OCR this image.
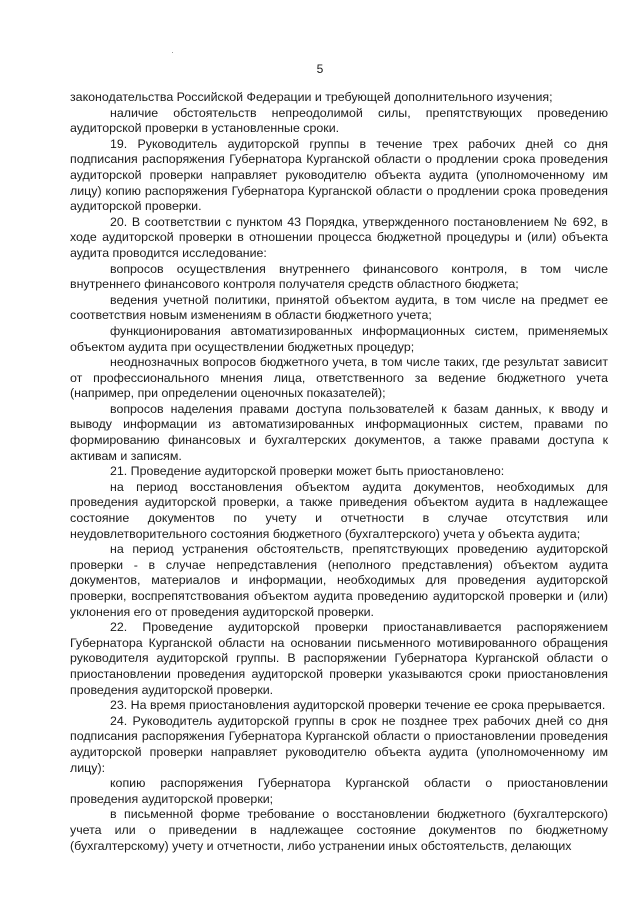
5

законодательства Российской Федерации и требующей дополнительного изучения;

наличие обстоятельств непреодолимой силы, препятствующих проведению аудиторской проверки в установленные сроки.

19. Руководитель аудиторской группы в течение трех рабочих дней со дня подписания распоряжения Губернатора Курганской области о продлении срока проведения аудиторской проверки направляет руководителю объекта аудита (уполномоченному им лицу) копию распоряжения Губернатора Курганской области о продлении срока проведения аудиторской проверки.

20. В соответствии с пунктом 43 Порядка, утвержденного постановлением № 692, в ходе аудиторской проверки в отношении процесса бюджетной процедуры и (или) объекта аудита проводится исследование:

вопросов осуществления внутреннего финансового контроля, в том числе внутреннего финансового контроля получателя средств областного бюджета;

ведения учетной политики, принятой объектом аудита, в том числе на предмет ее соответствия новым изменениям в области бюджетного учета;

функционирования автоматизированных информационных систем, применяемых объектом аудита при осуществлении бюджетных процедур;

неоднозначных вопросов бюджетного учета, в том числе таких, где результат зависит от профессионального мнения лица, ответственного за ведение бюджетного учета (например, при определении оценочных показателей);

вопросов наделения правами доступа пользователей к базам данных, к вводу и выводу информации из автоматизированных информационных систем, правами по формированию финансовых и бухгалтерских документов, а также правами доступа к активам и записям.

21. Проведение аудиторской проверки может быть приостановлено:

на период восстановления объектом аудита документов, необходимых для проведения аудиторской проверки, а также приведения объектом аудита в надлежащее состояние документов по учету и отчетности в случае отсутствия или неудовлетворительного состояния бюджетного (бухгалтерского) учета у объекта аудита;

на период устранения обстоятельств, препятствующих проведению аудиторской проверки - в случае непредставления (неполного представления) объектом аудита документов, материалов и информации, необходимых для проведения аудиторской проверки, воспрепятствования объектом аудита проведению аудиторской проверки и (или) уклонения его от проведения аудиторской проверки.

22. Проведение аудиторской проверки приостанавливается распоряжением Губернатора Курганской области на основании письменного мотивированного обращения руководителя аудиторской группы. В распоряжении Губернатора Курганской области о приостановлении проведения аудиторской проверки указываются сроки приостановления проведения аудиторской проверки.

23. На время приостановления аудиторской проверки течение ее срока прерывается.

24. Руководитель аудиторской группы в срок не позднее трех рабочих дней со дня подписания распоряжения Губернатора Курганской области о приостановлении проведения аудиторской проверки направляет руководителю объекта аудита (уполномоченному им лицу):

копию распоряжения Губернатора Курганской области о приостановлении проведения аудиторской проверки;

в письменной форме требование о восстановлении бюджетного (бухгалтерского) учета или о приведении в надлежащее состояние документов по бюджетному (бухгалтерскому) учету и отчетности, либо устранении иных обстоятельств, делающих
